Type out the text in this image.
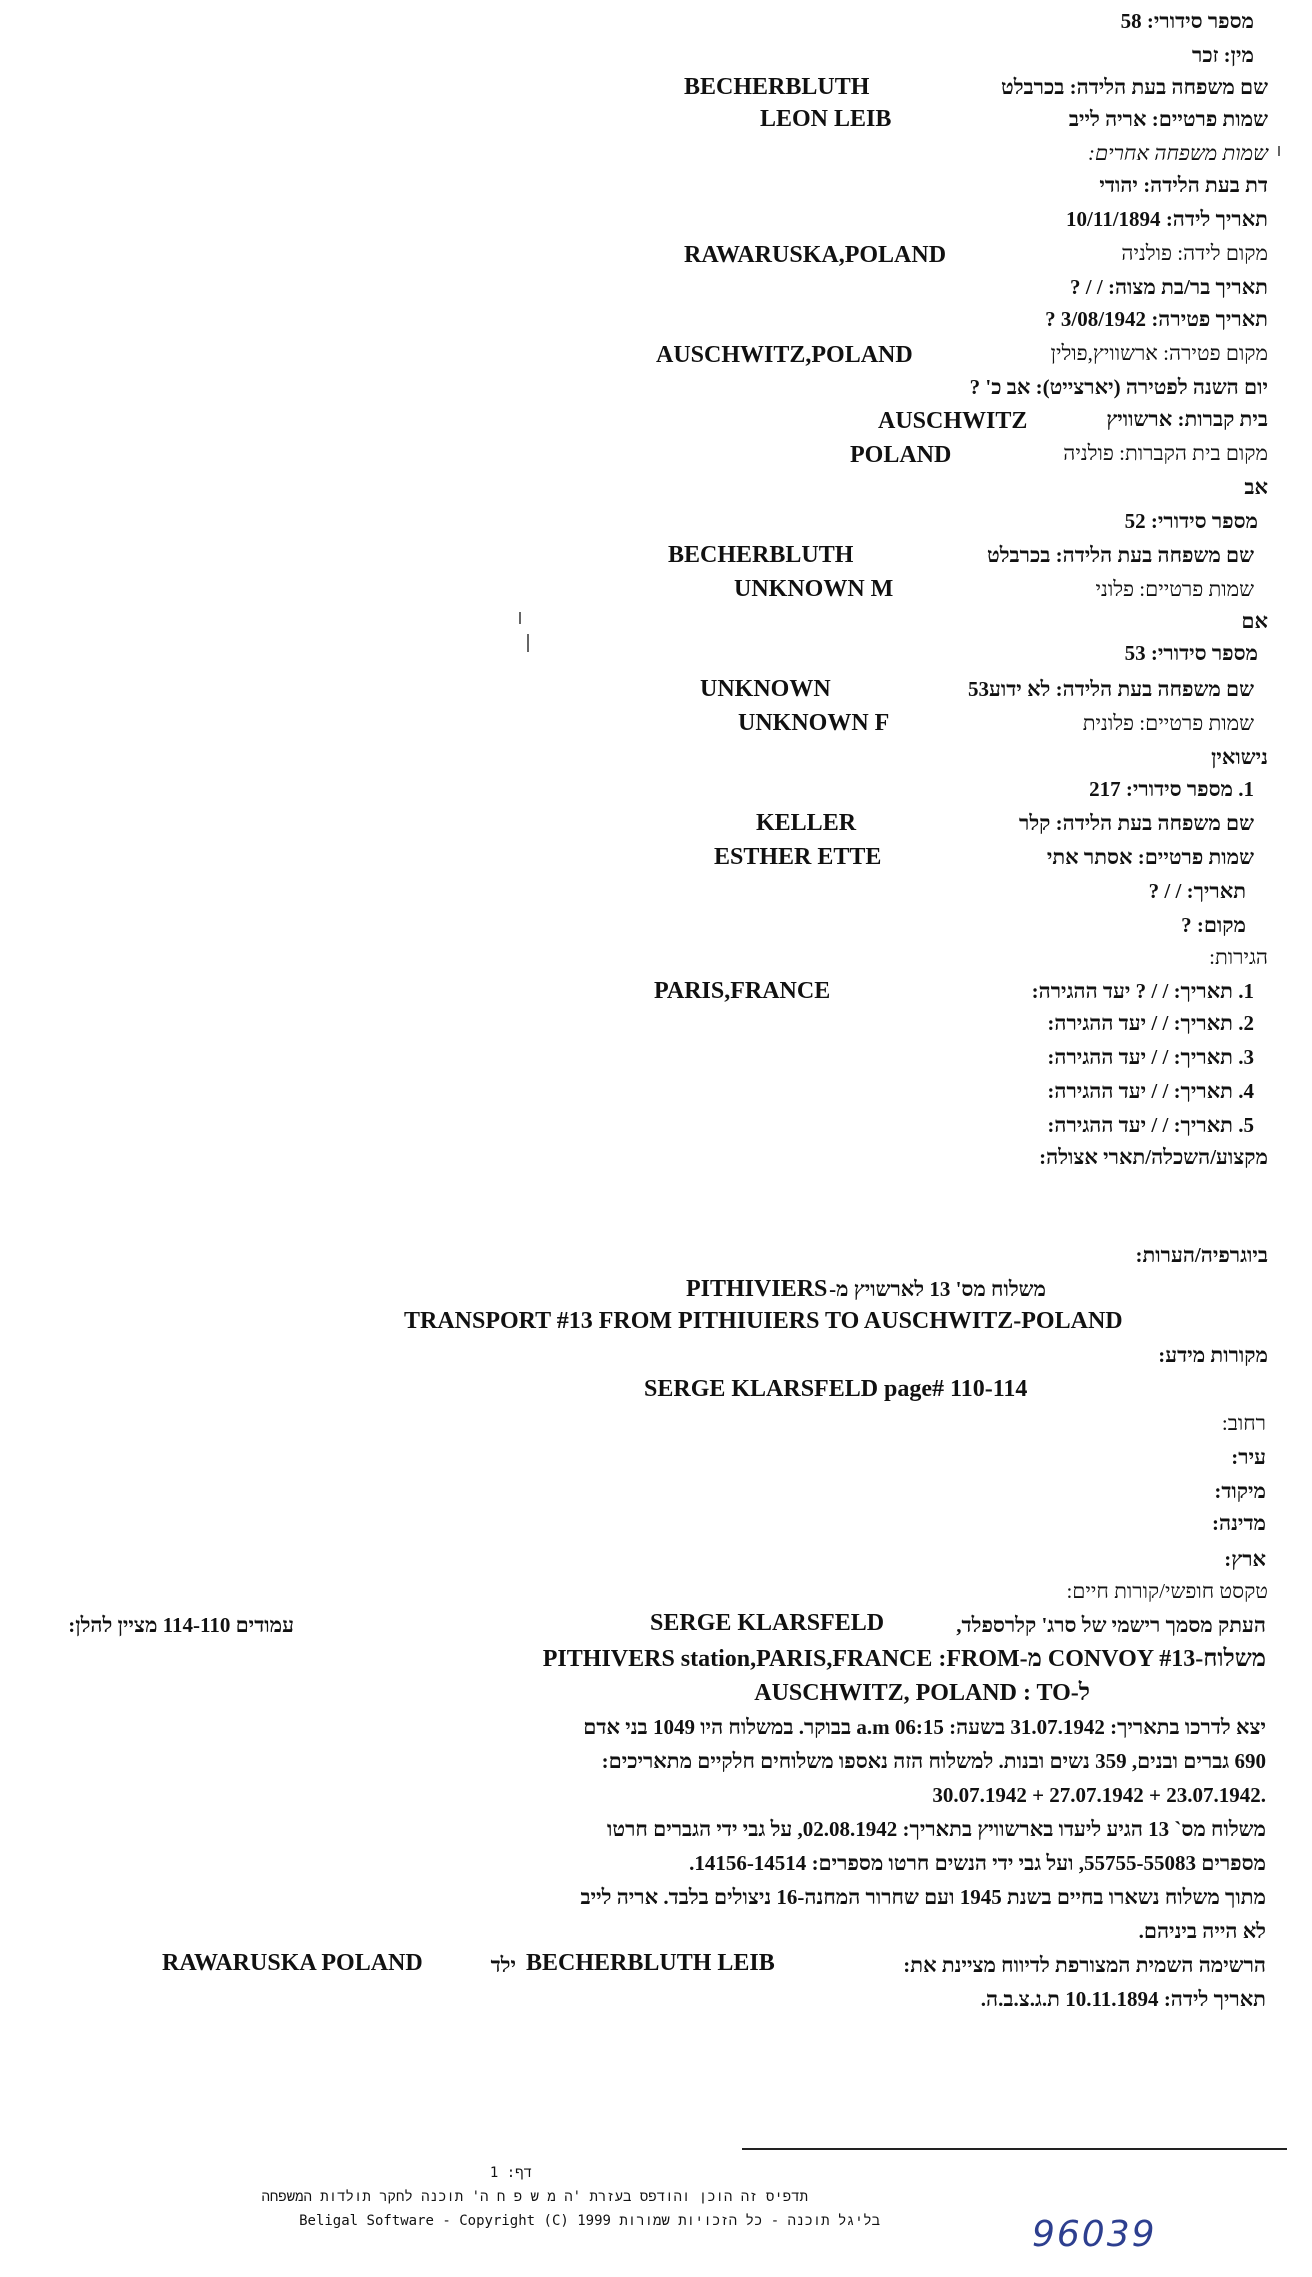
מספר סידורי: 58
מין: זכר
שם משפחה בעת הלידה: בכרבלט
BECHERBLUTH
שמות פרטיים: אריה לייב
LEON LEIB
שמות משפחה אחרים:
דת בעת הלידה: יהודי
תאריך לידה: 10/11/1894
מקום לידה: פולניה
RAWARUSKA,POLAND
תאריך בר/בת מצוה: / / ?
תאריך פטירה: 3/08/1942 ?
מקום פטירה: ארשוויץ,פולין
AUSCHWITZ,POLAND
יום השנה לפטירה (יארצייט): אב כ' ?
בית קברות: ארשוויץ
AUSCHWITZ
מקום בית הקברות: פולניה
POLAND
אב
מספר סידורי: 52
שם משפחה בעת הלידה: בכרבלט
BECHERBLUTH
שמות פרטיים: פלוני
UNKNOWN M
אם
מספר סידורי: 53
שם משפחה בעת הלידה: לא ידוע53
UNKNOWN
שמות פרטיים: פלונית
UNKNOWN F
נישואין
1. מספר סידורי: 217
שם משפחה בעת הלידה: קלר
KELLER
שמות פרטיים: אסתר אתי
ESTHER ETTE
תאריך: / / ?
מקום: ?
הגירות:
1. תאריך: / / ? יעד ההגירה:
PARIS,FRANCE
2. תאריך: / / יעד ההגירה:
3. תאריך: / / יעד ההגירה:
4. תאריך: / / יעד ההגירה:
5. תאריך: / / יעד ההגירה:
מקצוע/השכלה/תארי אצולה:
ביוגרפיה/הערות:
משלוח מס' 13 לארשויץ מ-
PITHIVIERS
TRANSPORT #13 FROM PITHIUIERS TO AUSCHWITZ-POLAND
מקורות מידע:
SERGE KLARSFELD page# 110-114
רחוב:
עיר:
מיקוד:
מדינה:
ארץ:
טקסט חופשי/קורות חיים:
עמודים 114-110 מציין להלן:	SERGE KLARSFELD	העתק מסמך רישמי של סרג' קלרספלד,
PITHIVERS station,PARIS,FRANCE :FROM-מ CONVOY #13-משלוח
AUSCHWITZ, POLAND : TO-ל
יצא לדרכו בתאריך: 31.07.1942 בשעה: 06:15 a.m בבוקר. במשלוח היו 1049 בני אדם
690 גברים ובנים, 359 נשים ובנות. למשלוח הזה נאספו משלוחים חלקיים מתאריכים:
30.07.1942 + 27.07.1942 + 23.07.1942.
משלוח מס` 13 הגיע ליעדו בארשוויץ בתאריך: 02.08.1942, על גבי ידי הגברים חרטו
מספרים 55755-55083, ועל גבי ידי הנשים חרטו מספרים: 14156-14514.
מתוך משלוח נשארו בחיים בשנת 1945 ועם שחרור המחנה-16 ניצולים בלבד. אריה לייב
לא הייה ביניהם.
הרשימה השמית המצורפת לדיווח מציינת את:
BECHERBLUTH LEIB
ילד
RAWARUSKA POLAND
תאריך לידה: 10.11.1894 ת.ג.צ.ב.ה.
דף: 1
תדפיס זה הוכן והודפס בעזרת 'ה מ ש פ ח ה' תוכנה לחקר תולדות המשפחה
Beligal Software - Copyright (C) 1999 בליגל תוכנה - כל הזכויות שמורות	96039
